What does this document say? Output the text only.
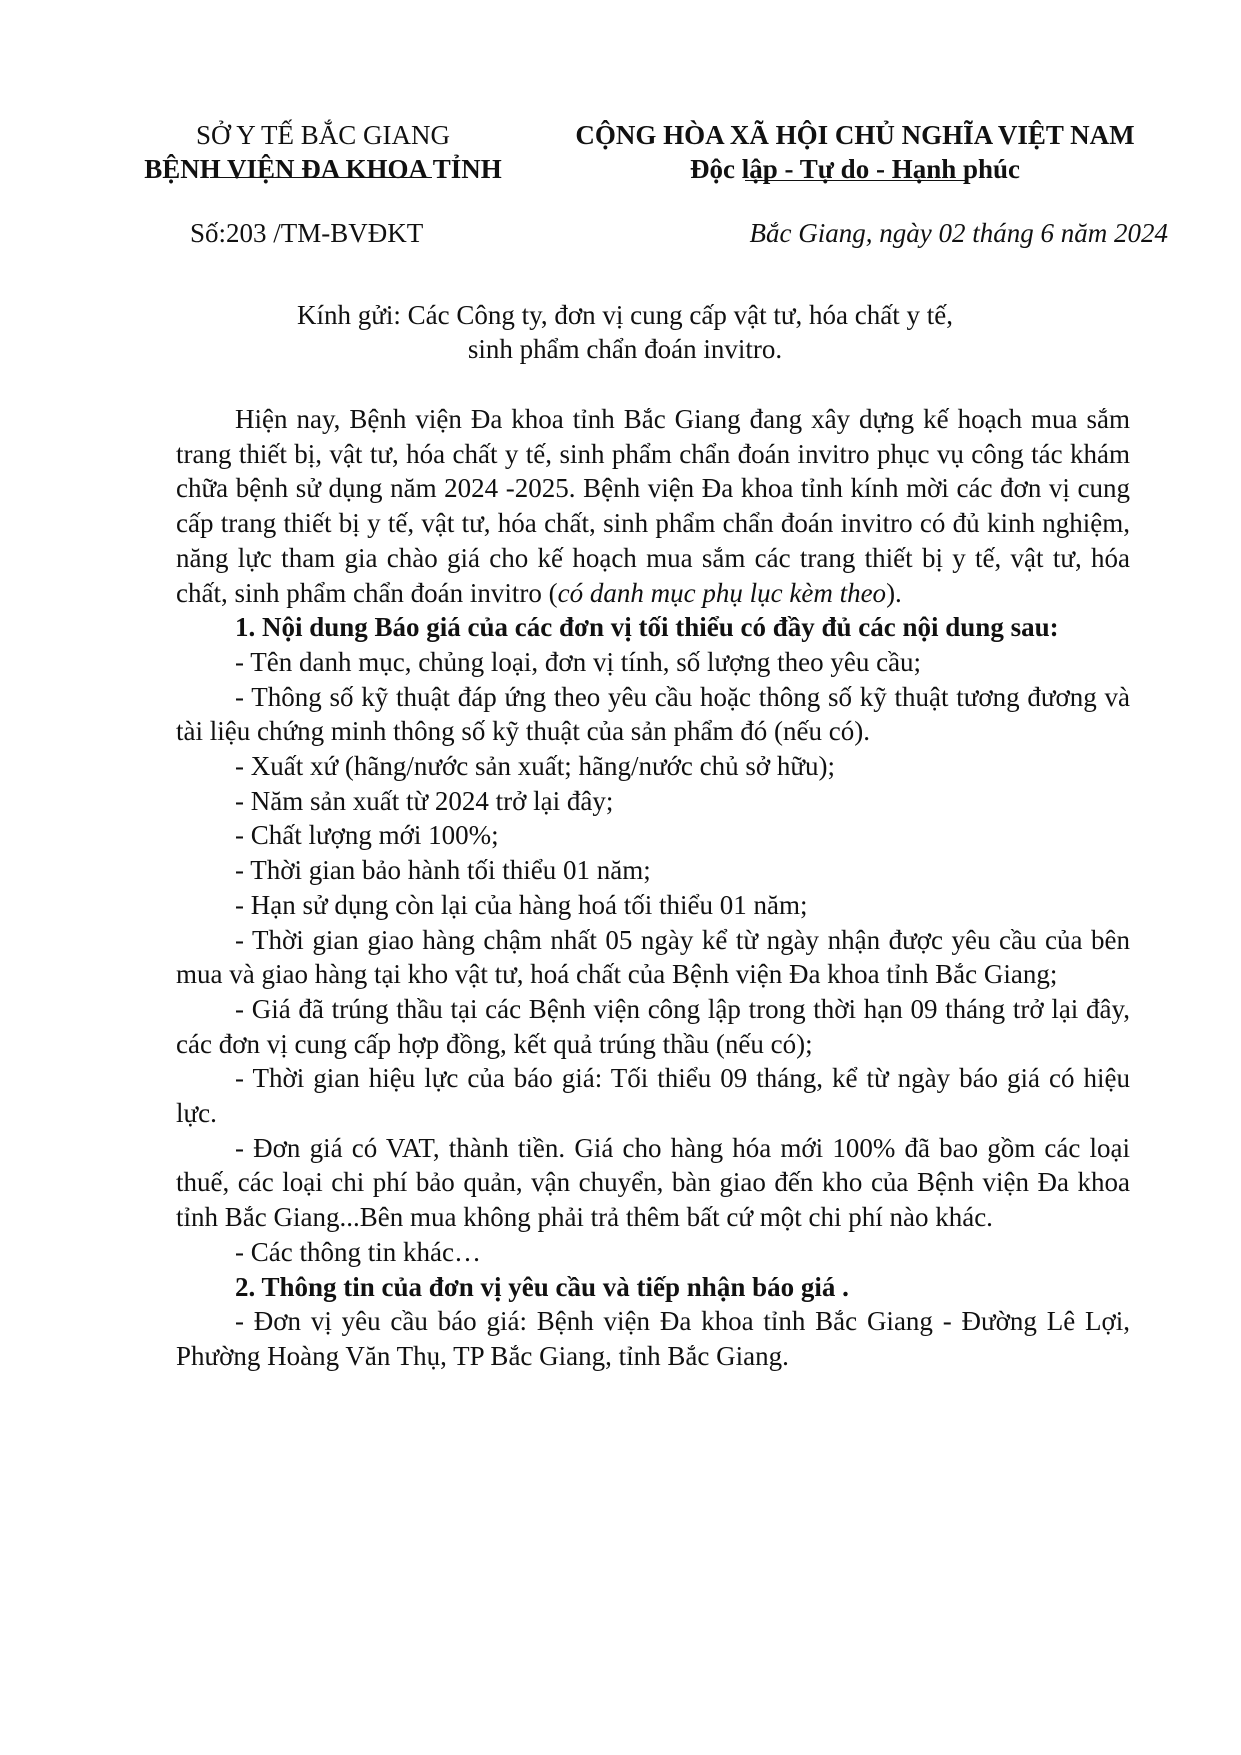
SỞ Y TẾ BẮC GIANG
BỆNH VIỆN ĐA KHOA TỈNH
CỘNG HÒA XÃ HỘI CHỦ NGHĨA VIỆT NAM
Độc lập - Tự do - Hạnh phúc
Số:203 /TM-BVĐKT	Bắc Giang, ngày 02 tháng 6 năm 2024
Kính gửi: Các Công ty, đơn vị cung cấp vật tư, hóa chất y tế,
sinh phẩm chẩn đoán invitro.

Hiện nay, Bệnh viện Đa khoa tỉnh Bắc Giang đang xây dựng kế hoạch mua sắm trang thiết bị, vật tư, hóa chất y tế, sinh phẩm chẩn đoán invitro phục vụ công tác khám chữa bệnh sử dụng năm 2024 -2025. Bệnh viện Đa khoa tỉnh kính mời các đơn vị cung cấp trang thiết bị y tế, vật tư, hóa chất, sinh phẩm chẩn đoán invitro có đủ kinh nghiệm, năng lực tham gia chào giá cho kế hoạch mua sắm các trang thiết bị y tế, vật tư, hóa chất, sinh phẩm chẩn đoán invitro (có danh mục phụ lục kèm theo).

1. Nội dung Báo giá của các đơn vị tối thiểu có đầy đủ các nội dung sau:

- Tên danh mục, chủng loại, đơn vị tính, số lượng theo yêu cầu;

- Thông số kỹ thuật đáp ứng theo yêu cầu hoặc thông số kỹ thuật tương đương và tài liệu chứng minh thông số kỹ thuật của sản phẩm đó (nếu có).

- Xuất xứ (hãng/nước sản xuất; hãng/nước chủ sở hữu);

- Năm sản xuất từ 2024 trở lại đây;

- Chất lượng mới 100%;

- Thời gian bảo hành tối thiểu 01 năm;

- Hạn sử dụng còn lại của hàng hoá tối thiểu 01 năm;

- Thời gian giao hàng chậm nhất 05 ngày kể từ ngày nhận được yêu cầu của bên mua và giao hàng tại kho vật tư, hoá chất của Bệnh viện Đa khoa tỉnh Bắc Giang;

- Giá đã trúng thầu tại các Bệnh viện công lập trong thời hạn 09 tháng trở lại đây, các đơn vị cung cấp hợp đồng, kết quả trúng thầu (nếu có);

- Thời gian hiệu lực của báo giá: Tối thiểu 09 tháng, kể từ ngày báo giá có hiệu lực.

- Đơn giá có VAT, thành tiền. Giá cho hàng hóa mới 100% đã bao gồm các loại thuế, các loại chi phí bảo quản, vận chuyển, bàn giao đến kho của Bệnh viện Đa khoa tỉnh Bắc Giang...Bên mua không phải trả thêm bất cứ một chi phí nào khác.

- Các thông tin khác…

2. Thông tin của đơn vị yêu cầu và tiếp nhận báo giá .

- Đơn vị yêu cầu báo giá: Bệnh viện Đa khoa tỉnh Bắc Giang - Đường Lê Lợi, Phường Hoàng Văn Thụ, TP Bắc Giang, tỉnh Bắc Giang.
